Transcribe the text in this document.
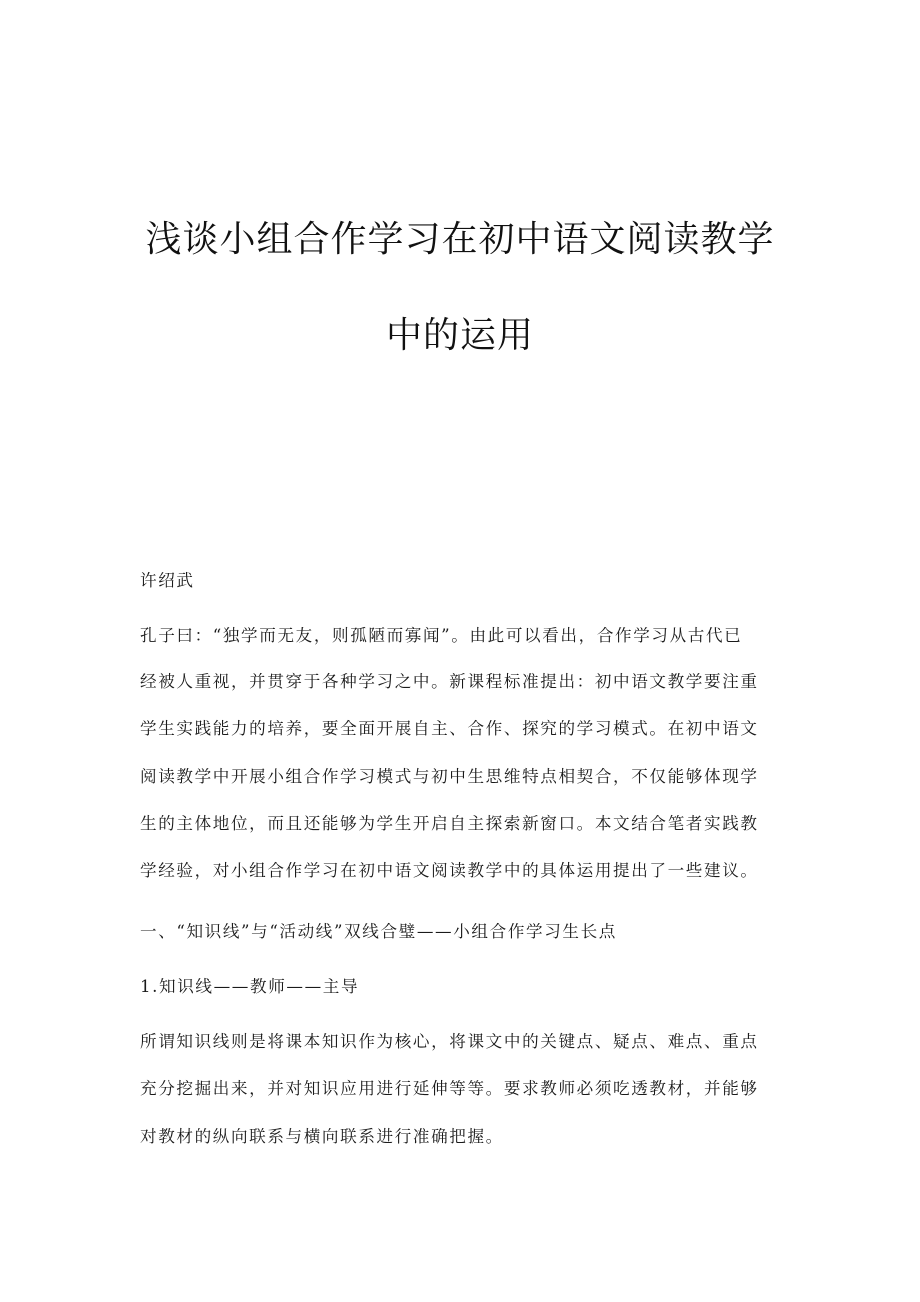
浅谈小组合作学习在初中语文阅读教学
中的运用
许绍武
孔子曰：“独学而无友，则孤陋而寡闻”。由此可以看出，合作学习从古代已
经被人重视，并贯穿于各种学习之中。新课程标准提出：初中语文教学要注重
学生实践能力的培养，要全面开展自主、合作、探究的学习模式。在初中语文
阅读教学中开展小组合作学习模式与初中生思维特点相契合，不仅能够体现学
生的主体地位，而且还能够为学生开启自主探索新窗口。本文结合笔者实践教
学经验，对小组合作学习在初中语文阅读教学中的具体运用提出了一些建议。
一、“知识线”与“活动线”双线合璧——小组合作学习生长点
1.知识线——教师——主导
所谓知识线则是将课本知识作为核心，将课文中的关键点、疑点、难点、重点
充分挖掘出来，并对知识应用进行延伸等等。要求教师必须吃透教材，并能够
对教材的纵向联系与横向联系进行准确把握。
